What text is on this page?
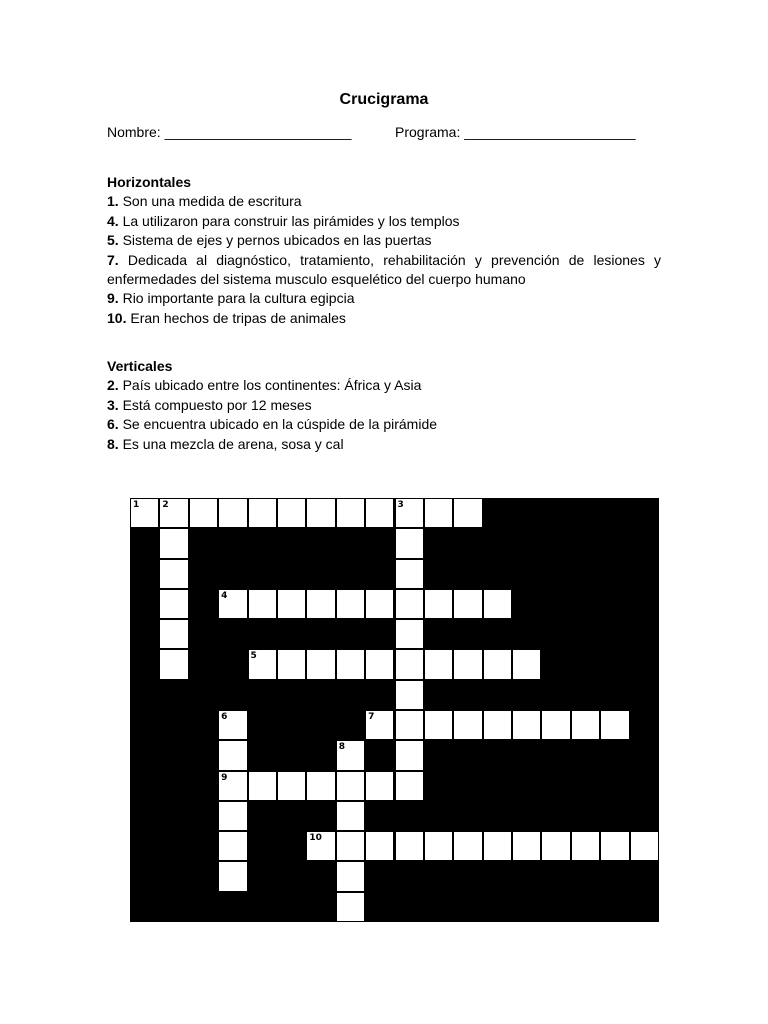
Crucigrama
Nombre: ________________________	Programa: ______________________
Horizontales
1. Son una medida de escritura
4. La utilizaron para construir las pirámides y los templos
5. Sistema de ejes y pernos ubicados en las puertas
7. Dedicada al diagnóstico, tratamiento, rehabilitación y prevención de lesiones y enfermedades del sistema musculo esquelético del cuerpo humano
9. Rio importante para la cultura egipcia
10. Eran hechos de tripas de animales
Verticales
2. País ubicado entre los continentes: África y Asia
3. Está compuesto por 12 meses
6. Se encuentra ubicado en la cúspide de la pirámide
8. Es una mezcla de arena, sosa y cal
1	2	3
4
5
6
9
7
8
10
